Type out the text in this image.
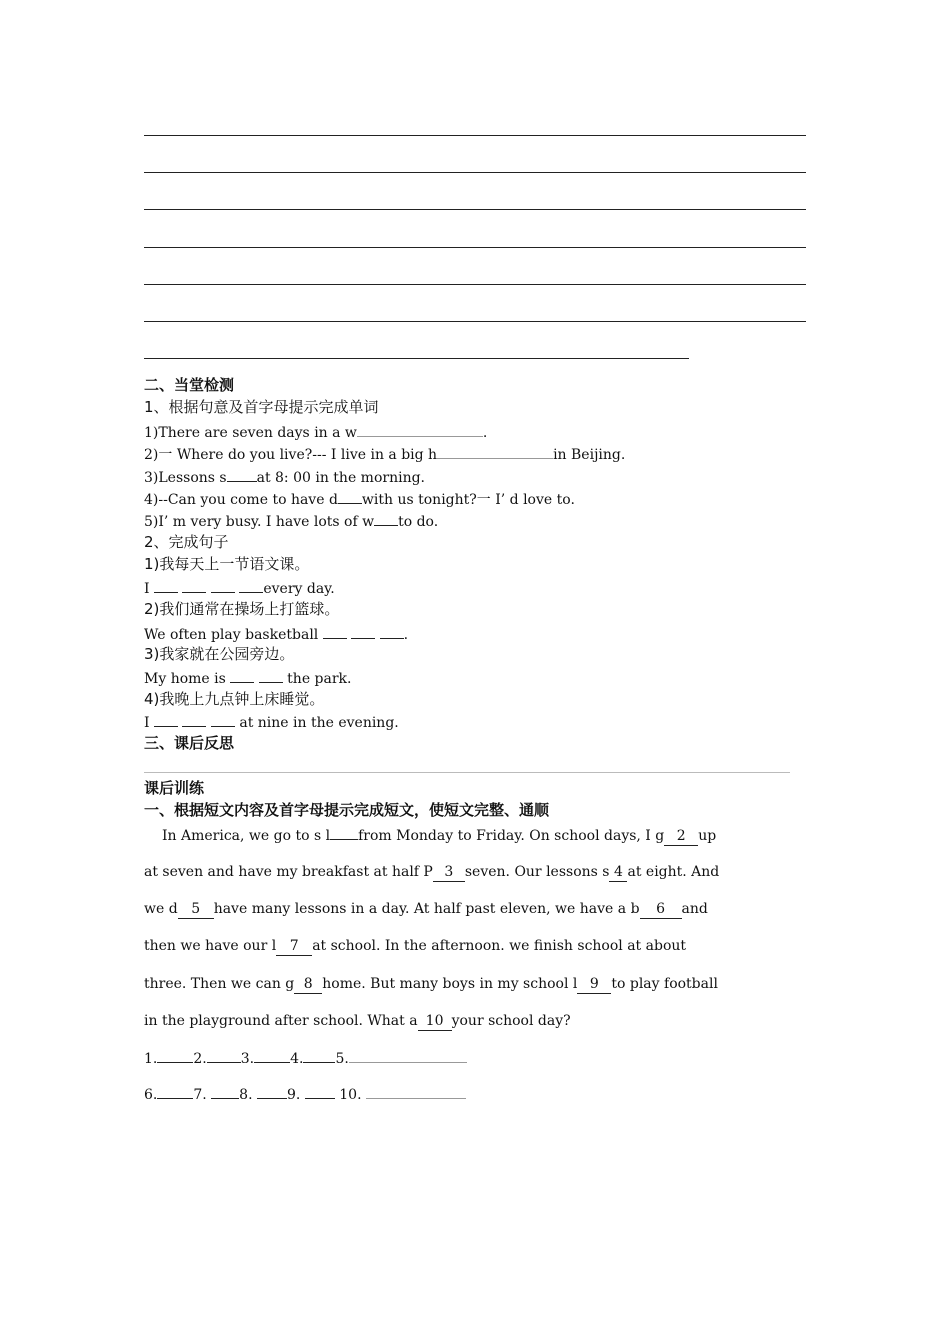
二、当堂检测
1、根据句意及首字母提示完成单词
1)There are seven days in a w	.
2)一 Where do you live?--- I live in a big h	in Beijing.
3)Lessons s at 8: 00 in the morning.
4)--Can you come to have d with us tonight?一 I’ d love to.
5)I’ m very busy. I have lots of w to do.
2、完成句子
1)我每天上一节语文课。
I	every day.
2)我们通常在操场上打篮球。
We often play basketball	.
3)我家就在公园旁边。
My home is	the park.
4)我晚上九点钟上床睡觉。
I	at nine in the evening.
三、课后反思
课后训练
一、根据短文内容及首字母提示完成短文，使短文完整、通顺
In America, we go to s l from Monday to Friday. On school days, I g 2 up
at seven and have my breakfast at half P 3 seven. Our lessons s 4 at eight. And
we d 5 have many lessons in a day. At half past eleven, we have a b 6 and
then we have our l 7 at school. In the afternoon. we finish school at about
three. Then we can g 8 home. But many boys in my school l 9 to play football
in the playground after school. What a 10 your school day?
1.	2. 3.	4. 5.
6.	7. 8. 9.	10.
